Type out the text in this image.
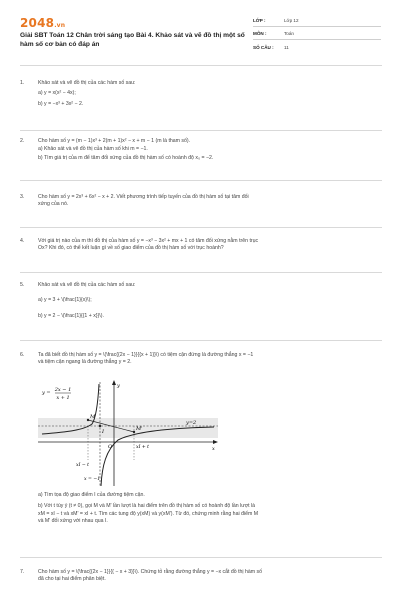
2048.vn
Giải SBT Toán 12 Chân trời sáng tạo Bài 4. Khảo sát và vẽ đồ thị một số hàm số cơ bản có đáp án
LỚP :	Lớp 12
MÔN :	Toán
SỐ CÂU : 11
1.	Khảo sát và vẽ đồ thị của các hàm số sau:
a) y = x(x² − 4x);
b) y = −x³ + 3x² − 2.
2.	Cho hàm số y = (m − 1)x³ + 2(m + 1)x² − x + m − 1 (m là tham số).
a) Khảo sát và vẽ đồ thị của hàm số khi m = −1.
b) Tìm giá trị của m để tâm đối xứng của đồ thị hàm số có hoành độ x₀ = −2.
3.	Cho hàm số y = 2x³ + 6x² − x + 2. Viết phương trình tiếp tuyến của đồ thị hàm số tại tâm đối
xứng của nó.
4.	Với giá trị nào của m thì đồ thị của hàm số y = −x³ − 3x² + mx + 1 có tâm đối xứng nằm trên trục
Ox? Khi đó, có thể kết luận gì về số giao điểm của đồ thị hàm số với trục hoành?
5.	Khảo sát và vẽ đồ thị của các hàm số sau:
a) y = 3 + \(\frac{1}{x}\);
b) y = 2 − \(\frac{1}{{1 + x}}\).
6.	Ta đã biết đồ thị hàm số y = \(\frac{{2x − 1}}{{x + 1}}\) có tiệm cận đứng là đường thẳng x = −1
và tiệm cận ngang là đường thẳng y = 2.
y = 2x − 1
x + 1
y
y=2
M
I	M'
O	x
xI − t
xI + t
x = −1
a) Tìm tọa độ giao điểm I của đường tiệm cận.
b) Với t tùy ý (t ≠ 0), gọi M và M' lần lượt là hai điểm trên đồ thị hàm số có hoành độ lần lượt là
xM = xI − t và xM' = xI + t. Tìm các tung độ y(xM) và y(xM'). Từ đó, chứng minh rằng hai điểm M
và M' đối xứng với nhau qua I.
7.	Cho hàm số y = \(\frac{{2x − 1}}{{ − x + 3}}\). Chứng tỏ rằng đường thẳng y = −x cắt đồ thị hàm số
đã cho tại hai điểm phân biệt.
